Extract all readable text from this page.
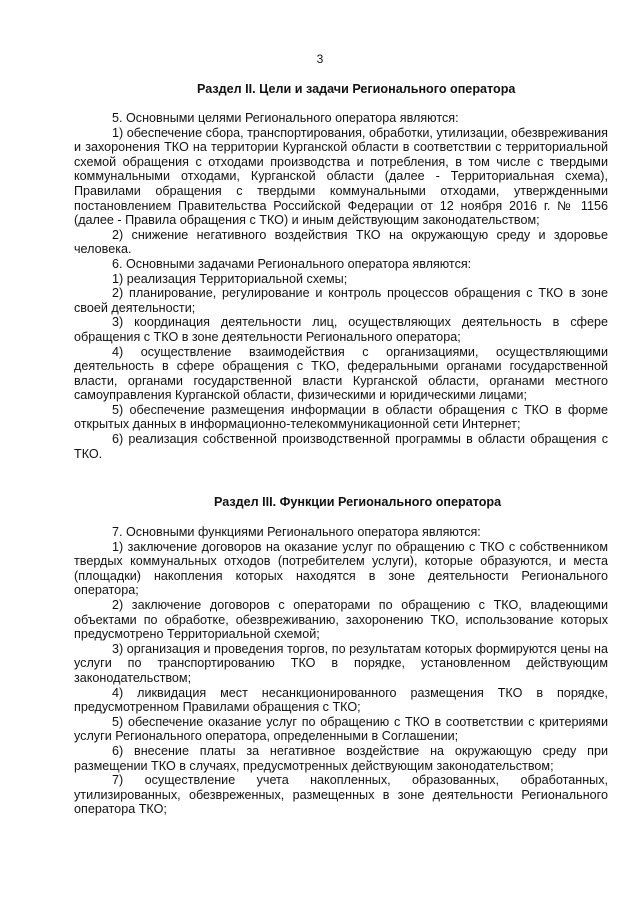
3
Раздел II. Цели и задачи Регионального оператора

5. Основными целями Регионального оператора являются:

1) обеспечение сбора, транспортирования, обработки, утилизации, обезвреживания и захоронения ТКО на территории Курганской области в соответствии с территориальной схемой обращения с отходами производства и потребления, в том числе с твердыми коммунальными отходами, Курганской области (далее - Территориальная схема), Правилами обращения с твердыми коммунальными отходами, утвержденными постановлением Правительства Российской Федерации от 12 ноября 2016 г. № 1156 (далее - Правила обращения с ТКО) и иным действующим законодательством;

2) снижение негативного воздействия ТКО на окружающую среду и здоровье человека.

6. Основными задачами Регионального оператора являются:

1) реализация Территориальной схемы;

2) планирование, регулирование и контроль процессов обращения с ТКО в зоне своей деятельности;

3) координация деятельности лиц, осуществляющих деятельность в сфере обращения с ТКО в зоне деятельности Регионального оператора;

4) осуществление взаимодействия с организациями, осуществляющими деятельность в сфере обращения с ТКО, федеральными органами государственной власти, органами государственной власти Курганской области, органами местного самоуправления Курганской области, физическими и юридическими лицами;

5) обеспечение размещения информации в области обращения с ТКО в форме открытых данных в информационно-телекоммуникационной сети Интернет;

6) реализация собственной производственной программы в области обращения с ТКО.

Раздел III. Функции Регионального оператора

7. Основными функциями Регионального оператора являются:

1) заключение договоров на оказание услуг по обращению с ТКО с собственником твердых коммунальных отходов (потребителем услуги), которые образуются, и места (площадки) накопления которых находятся в зоне деятельности Регионального оператора;

2) заключение договоров с операторами по обращению с ТКО, владеющими объектами по обработке, обезвреживанию, захоронению ТКО, использование которых предусмотрено Территориальной схемой;

3) организация и проведения торгов, по результатам которых формируются цены на услуги по транспортированию ТКО в порядке, установленном действующим законодательством;

4) ликвидация мест несанкционированного размещения ТКО в порядке, предусмотренном Правилами обращения с ТКО;

5) обеспечение оказание услуг по обращению с ТКО в соответствии с критериями услуги Регионального оператора, определенными в Соглашении;

6) внесение платы за негативное воздействие на окружающую среду при размещении ТКО в случаях, предусмотренных действующим законодательством;

7) осуществление учета накопленных, образованных, обработанных, утилизированных, обезвреженных, размещенных в зоне деятельности Регионального оператора ТКО;
